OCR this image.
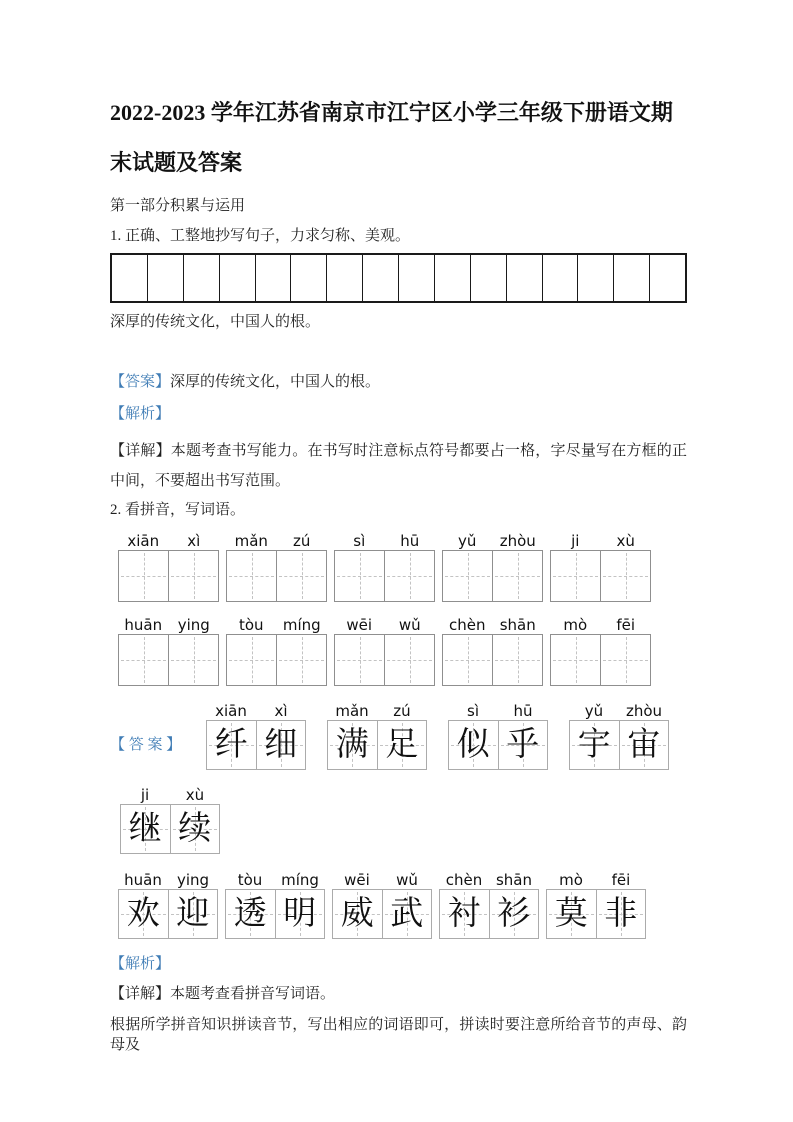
2022-2023 学年江苏省南京市江宁区小学三年级下册语文期
末试题及答案

第一部分积累与运用

1. 正确、工整地抄写句子，力求匀称、美观。

深厚的传统文化，中国人的根。

【答案】深厚的传统文化，中国人的根。

【解析】

【详解】本题考查书写能力。在书写时注意标点符号都要占一格，字尽量写在方框的正中间，不要超出书写范围。

2. 看拼音，写词语。

xiān	xì	mǎn	zú	sì	hū	yǔ	zhòu	ji	xù
huān	ying	tòu	míng	wēi	wǔ	chèn shān	mò	fēi
【 答 案 】
xiān	xì
纤 细
mǎn	zú
满 足
sì	hū
似 乎
yǔ	zhòu
宇 宙
ji	xù
继 续
huān	ying
欢 迎
tòu	míng
透 明
wēi	wǔ
威 武
chèn shān
衬 衫
mò	fēi
莫 非

【解析】

【详解】本题考查看拼音写词语。

根据所学拼音知识拼读音节，写出相应的词语即可，拼读时要注意所给音节的声母、韵母及
